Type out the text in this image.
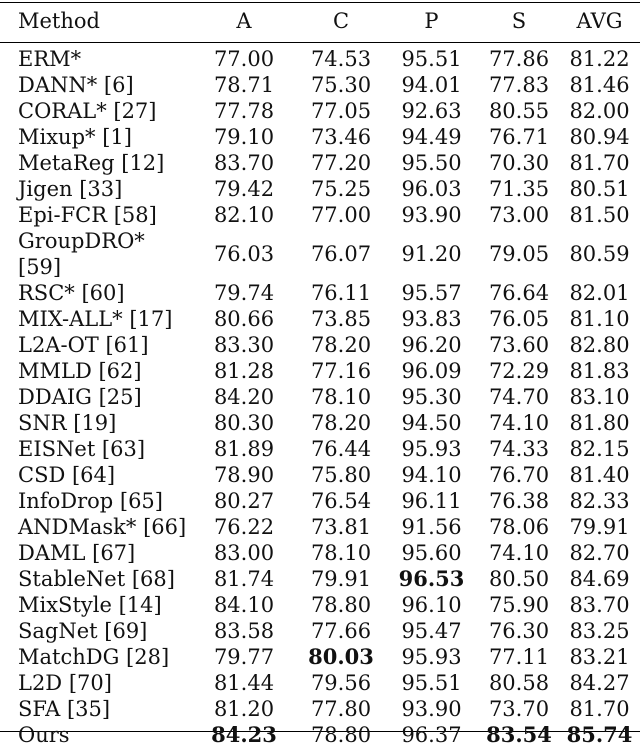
Method	A	C	P	S	AVG
ERM*	77.00	74.53	95.51	77.86	81.22
DANN* [6]	78.71	75.30	94.01	77.83	81.46
CORAL* [27]	77.78	77.05	92.63	80.55	82.00
Mixup* [1]	79.10	73.46	94.49	76.71	80.94
MetaReg [12]	83.70	77.20	95.50	70.30	81.70
Jigen [33]	79.42	75.25	96.03	71.35	80.51
Epi-FCR [58]	82.10	77.00	93.90	73.00	81.50
GroupDRO* [59]	76.03	76.07	91.20	79.05	80.59
RSC* [60]	79.74	76.11	95.57	76.64	82.01
MIX-ALL* [17]	80.66	73.85	93.83	76.05	81.10
L2A-OT [61]	83.30	78.20	96.20	73.60	82.80
MMLD [62]	81.28	77.16	96.09	72.29	81.83
DDAIG [25]	84.20	78.10	95.30	74.70	83.10
SNR [19]	80.30	78.20	94.50	74.10	81.80
EISNet [63]	81.89	76.44	95.93	74.33	82.15
CSD [64]	78.90	75.80	94.10	76.70	81.40
InfoDrop [65]	80.27	76.54	96.11	76.38	82.33
ANDMask* [66]	76.22	73.81	91.56	78.06	79.91
DAML [67]	83.00	78.10	95.60	74.10	82.70
StableNet [68]	81.74	79.91	96.53	80.50	84.69
MixStyle [14]	84.10	78.80	96.10	75.90	83.70
SagNet [69]	83.58	77.66	95.47	76.30	83.25
MatchDG [28]	79.77	80.03	95.93	77.11	83.21
L2D [70]	81.44	79.56	95.51	80.58	84.27
SFA [35]	81.20	77.80	93.90	73.70	81.70
Ours	84.23	78.80	96.37	83.54	85.74
